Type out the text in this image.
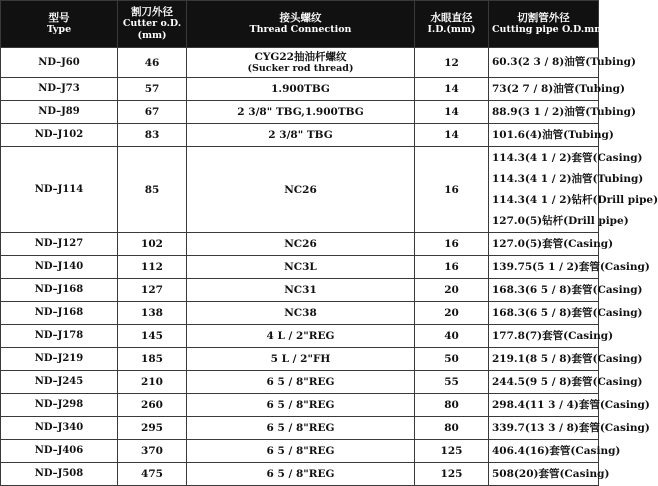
型号
Type	割刀外径
Cutter o.D.
(mm)	接头螺纹
Thread Connection	水眼直径
I.D.(mm)	切割管外径
Cutting pipe O.D.mm(in)

ND–J60	46	CYG22抽油杆螺纹
(Sucker rod thread)	12	60.3(2 3 / 8)油管(Tubing)

ND–J73	57	1.900TBG	14	73(2 7 / 8)油管(Tubing)

ND–J89	67	2 3/8" TBG,1.900TBG	14	88.9(3 1 / 2)油管(Tubing)

ND–J102	83	2 3/8" TBG	14	101.6(4)油管(Tubing)

ND–J114	85	NC26	16	114.3(4 1 / 2)套管(Casing)
114.3(4 1 / 2)油管(Tubing)
114.3(4 1 / 2)钻杆(Drill pipe)
127.0(5)钻杆(Drill pipe)

ND–J127	102	NC26	16	127.0(5)套管(Casing)

ND–J140	112	NC3L	16	139.75(5 1 / 2)套管(Casing)

ND–J168	127	NC31	20	168.3(6 5 / 8)套管(Casing)

ND–J168	138	NC38	20	168.3(6 5 / 8)套管(Casing)

ND–J178	145	4 L / 2"REG	40	177.8(7)套管(Casing)

ND–J219	185	5 L / 2"FH	50	219.1(8 5 / 8)套管(Casing)

ND–J245	210	6 5 / 8"REG	55	244.5(9 5 / 8)套管(Casing)

ND–J298	260	6 5 / 8"REG	80	298.4(11 3 / 4)套管(Casing)

ND–J340	295	6 5 / 8"REG	80	339.7(13 3 / 8)套管(Casing)

ND–J406	370	6 5 / 8"REG	125	406.4(16)套管(Casing)

ND–J508	475	6 5 / 8"REG	125	508(20)套管(Casing)
